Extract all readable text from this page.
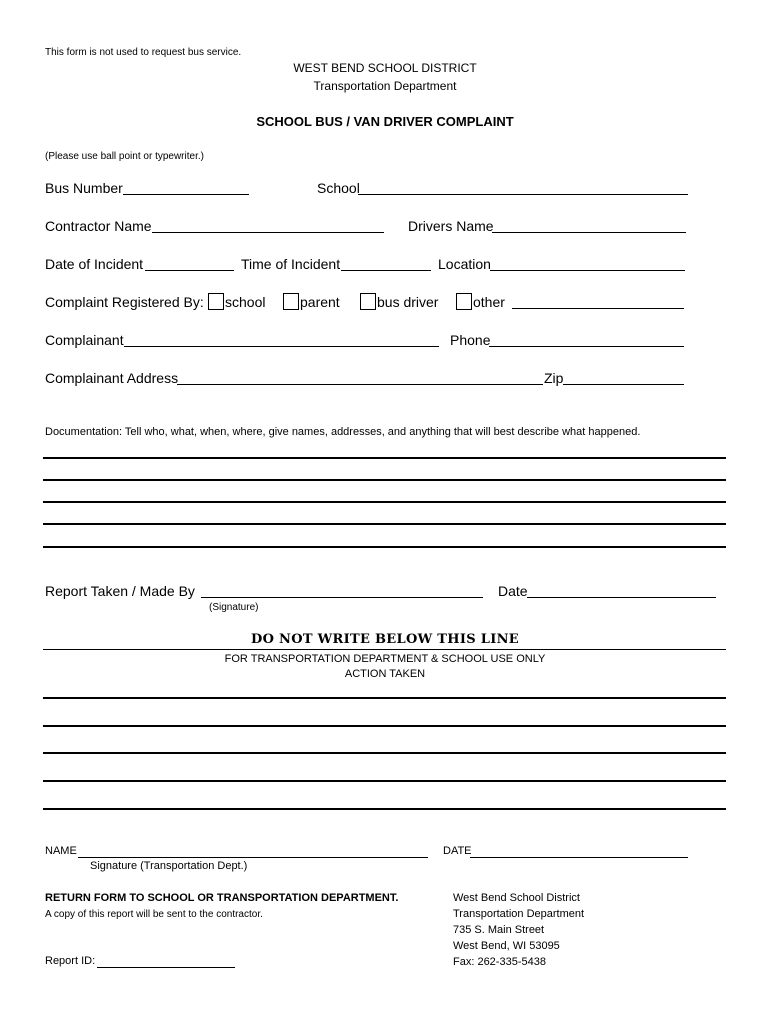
This form is not used to request bus service.
WEST BEND SCHOOL DISTRICT
Transportation Department
SCHOOL BUS / VAN DRIVER COMPLAINT
(Please use ball point or typewriter.)
Bus Number	School
Contractor Name	Drivers Name
Date of Incident	Time of Incident	Location
Complaint Registered By: school parent	bus driver other
Complainant	Phone
Complainant Address	Zip
Documentation: Tell who, what, when, where, give names, addresses, and anything that will best describe what happened.
Report Taken / Made By
(Signature)
Date
DO NOT WRITE BELOW THIS LINE
FOR TRANSPORTATION DEPARTMENT & SCHOOL USE ONLY
ACTION TAKEN
NAME
Signature (Transportation Dept.)
DATE
RETURN FORM TO SCHOOL OR TRANSPORTATION DEPARTMENT.
A copy of this report will be sent to the contractor.
Report ID:
West Bend School District
Transportation Department
735 S. Main Street
West Bend, WI 53095
Fax: 262-335-5438
